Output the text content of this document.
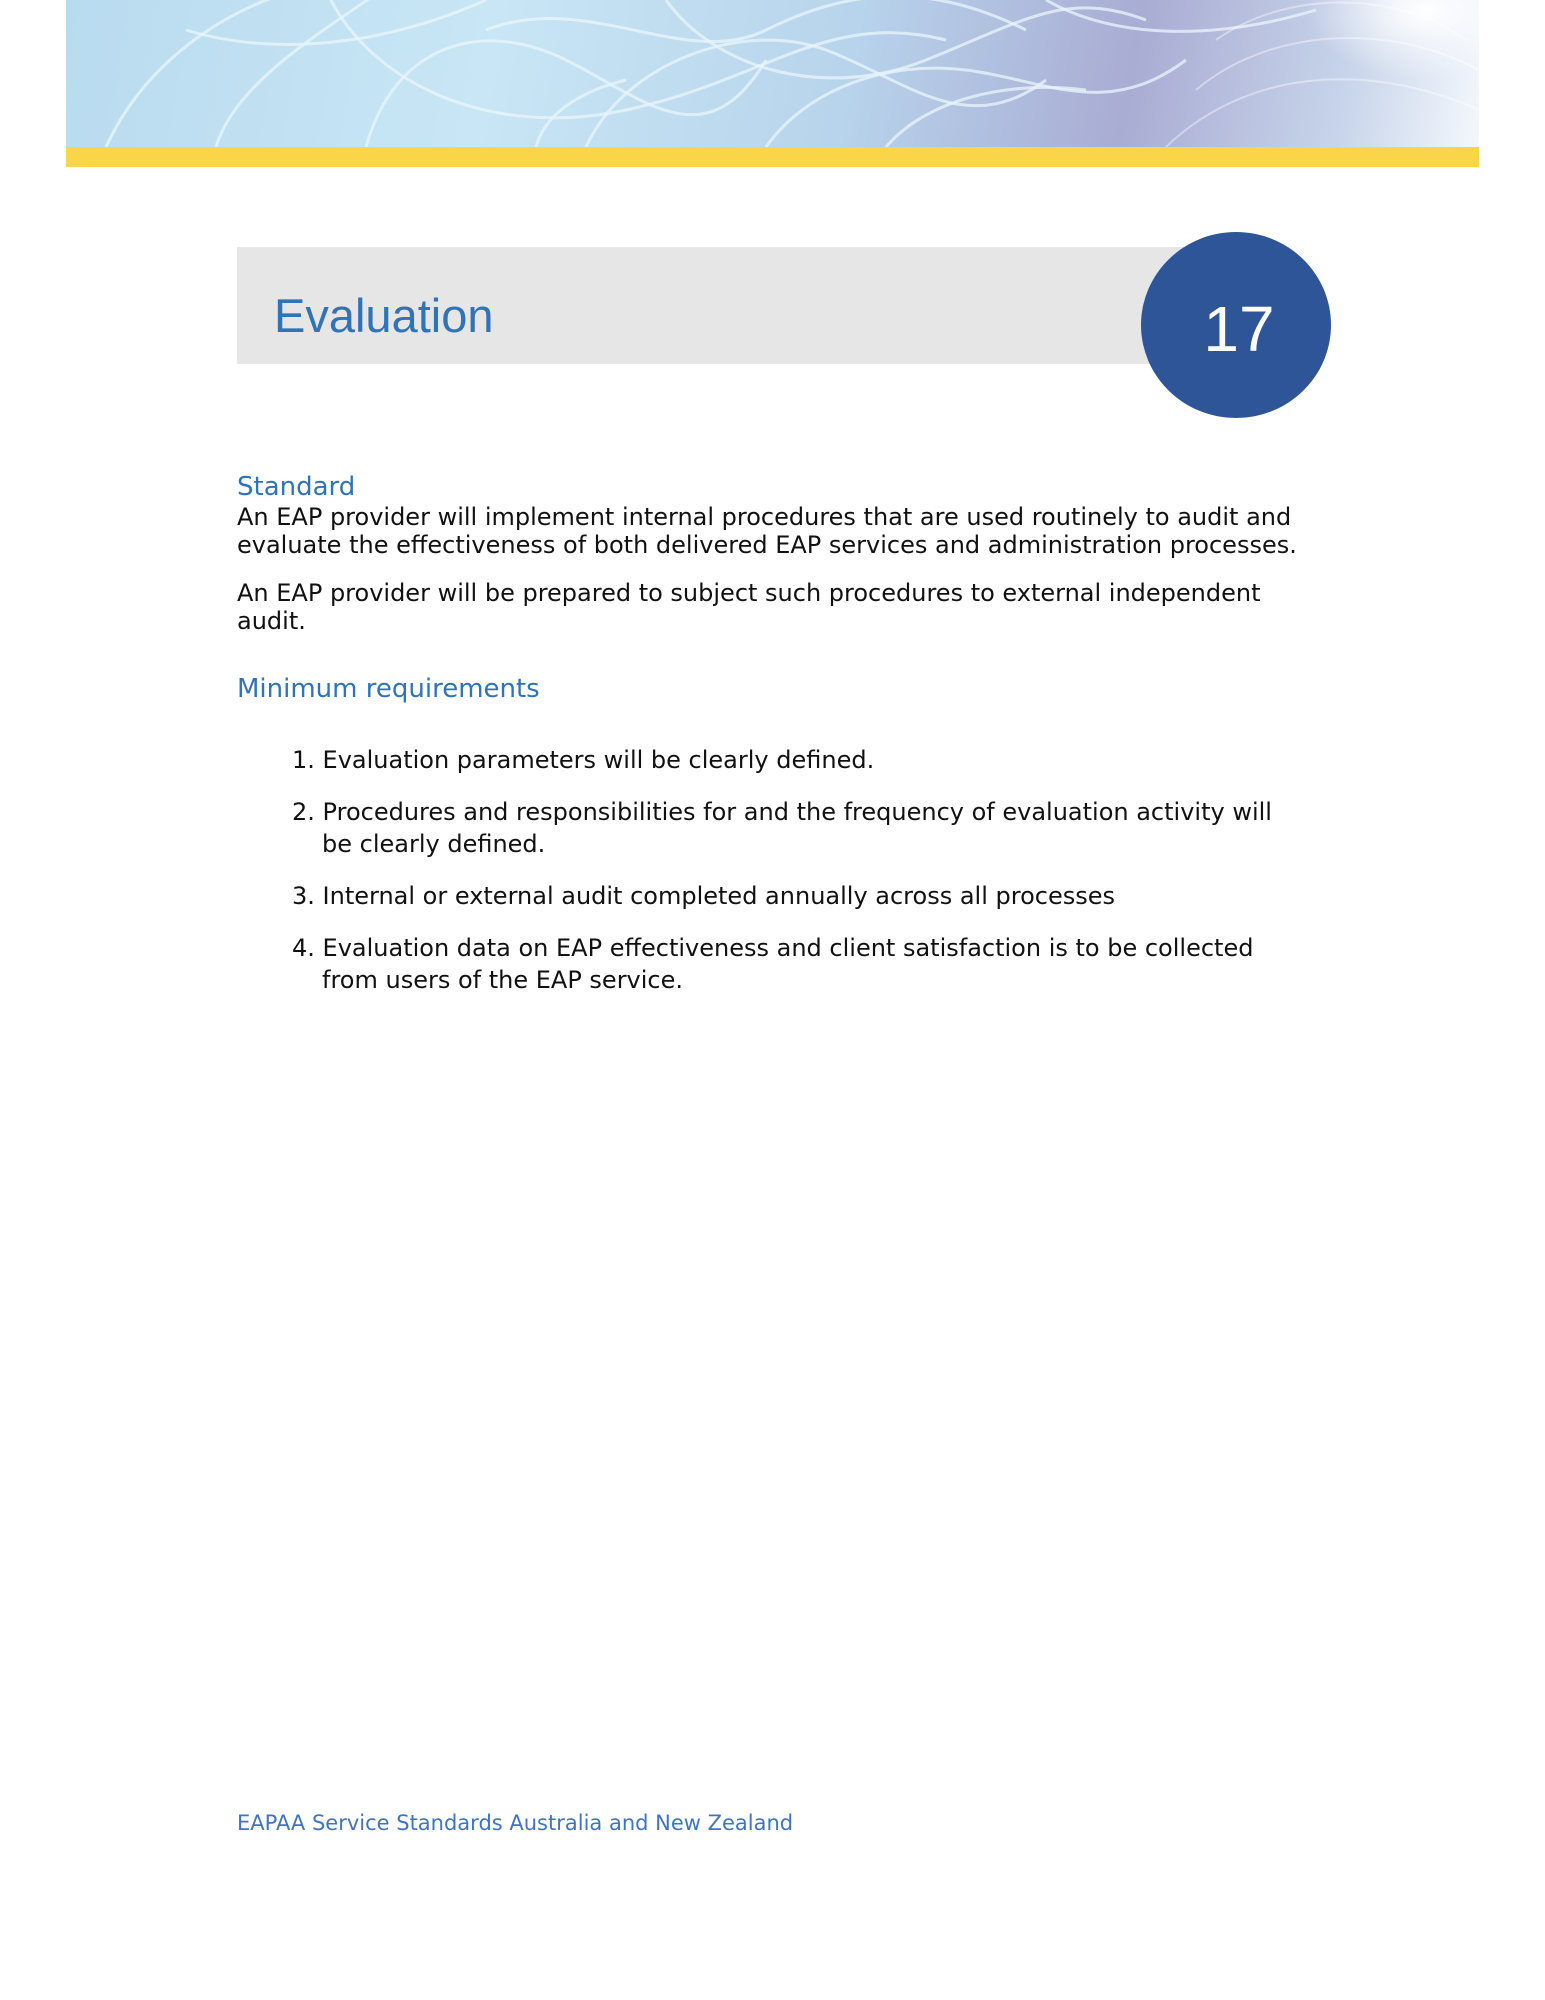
Evaluation	17
Standard

An EAP provider will implement internal procedures that are used routinely to audit and evaluate the effectiveness of both delivered EAP services and administration processes.

An EAP provider will be prepared to subject such procedures to external independent audit.

Minimum requirements
1. Evaluation parameters will be clearly defined.
2. Procedures and responsibilities for and the frequency of evaluation activity will be clearly defined.
3. Internal or external audit completed annually across all processes
4. Evaluation data on EAP effectiveness and client satisfaction is to be collected from users of the EAP service.

EAPAA Service Standards Australia and New Zealand
